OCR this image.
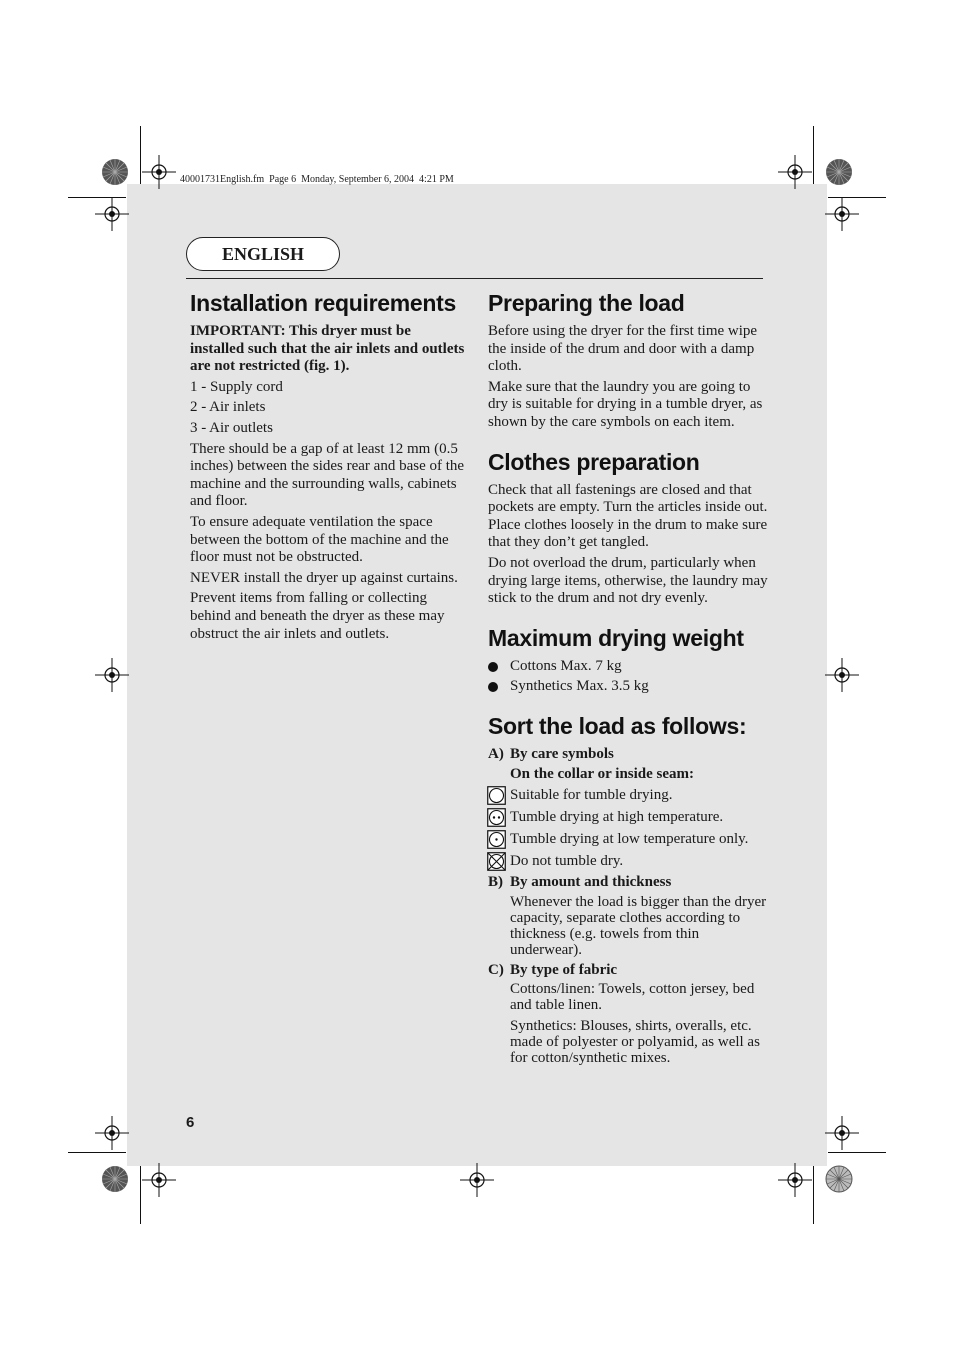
40001731English.fm  Page 6  Monday, September 6, 2004  4:21 PM
ENGLISH
Installation requirements

IMPORTANT: This dryer must be installed such that the air inlets and outlets are not restricted (fig. 1).

1 - Supply cord

2 - Air inlets

3 - Air outlets

There should be a gap of at least 12 mm (0.5 inches) between the sides rear and base of the machine and the surrounding walls, cabinets and floor.

To ensure adequate ventilation the space between the bottom of the machine and the floor must not be obstructed.

NEVER install the dryer up against curtains.

Prevent items from falling or collecting behind and beneath the dryer as these may obstruct the air inlets and outlets.

Preparing the load

Before using the dryer for the first time wipe the inside of the drum and door with a damp cloth.

Make sure that the laundry you are going to dry is suitable for drying in a tumble dryer, as shown by the care symbols on each item.

Clothes preparation

Check that all fastenings are closed and that pockets are empty. Turn the articles inside out. Place clothes loosely in the drum to make sure that they don’t get tangled.

Do not overload the drum, particularly when drying large items, otherwise, the laundry may stick to the drum and not dry evenly.

Maximum drying weight
Cottons Max. 7 kg
Synthetics Max. 3.5 kg
Sort the load as follows:
A) By care symbols

On the collar or inside seam:

Suitable for tumble drying.
Tumble drying at high temperature.
Tumble drying at low temperature only.
Do not tumble dry.
B) By amount and thickness

Whenever the load is bigger than the dryer capacity, separate clothes according to thickness (e.g. towels from thin underwear).

C) By type of fabric

Cottons/linen: Towels, cotton jersey, bed and table linen.

Synthetics: Blouses, shirts, overalls, etc. made of polyester or polyamid, as well as for cotton/synthetic mixes.

6
